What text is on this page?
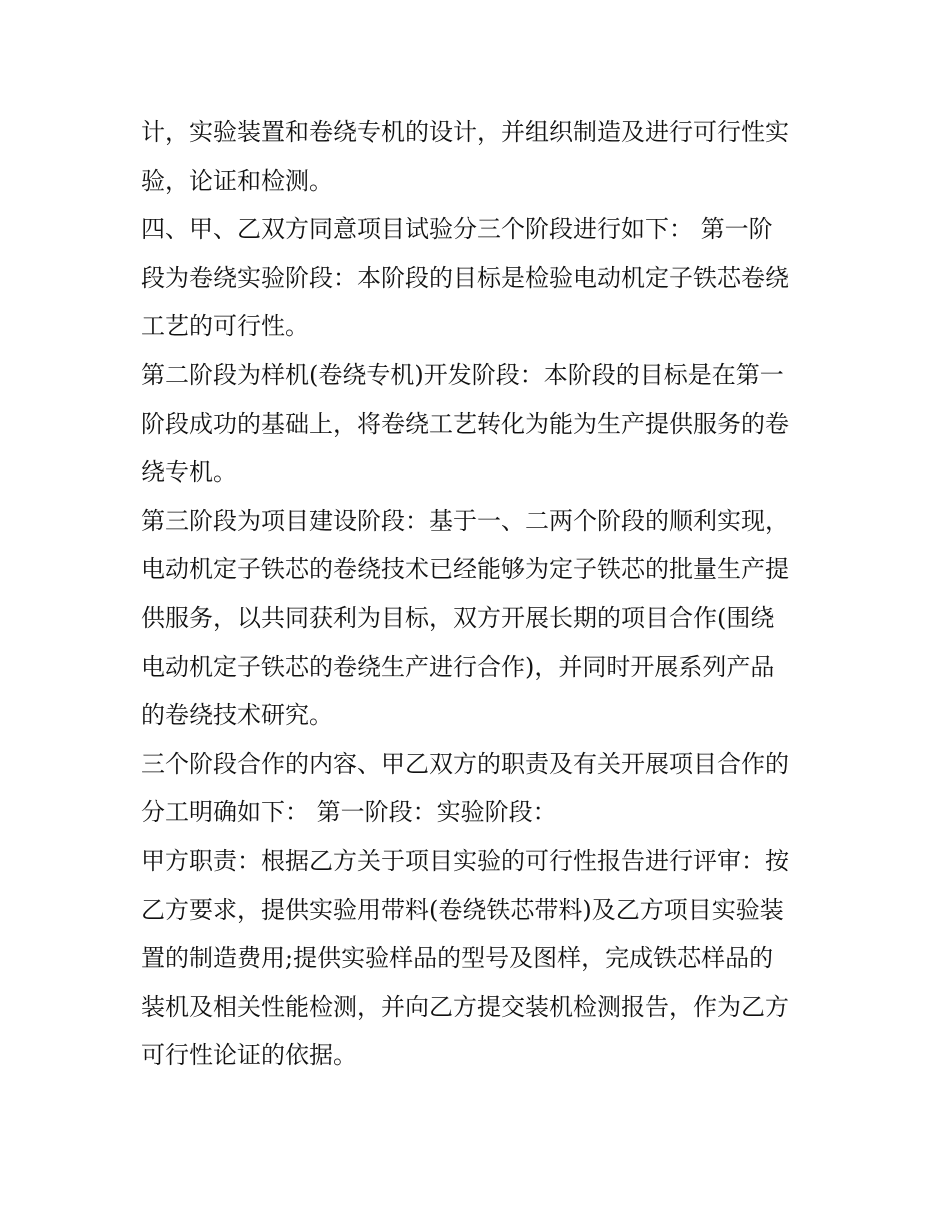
计，实验装置和卷绕专机的设计，并组织制造及进行可行性实
验，论证和检测。
四、甲、乙双方同意项目试验分三个阶段进行如下： 第一阶
段为卷绕实验阶段：本阶段的目标是检验电动机定子铁芯卷绕
工艺的可行性。
第二阶段为样机(卷绕专机)开发阶段：本阶段的目标是在第一
阶段成功的基础上，将卷绕工艺转化为能为生产提供服务的卷
绕专机。
第三阶段为项目建设阶段：基于一、二两个阶段的顺利实现，
电动机定子铁芯的卷绕技术已经能够为定子铁芯的批量生产提
供服务，以共同获利为目标，双方开展长期的项目合作(围绕
电动机定子铁芯的卷绕生产进行合作)，并同时开展系列产品
的卷绕技术研究。
三个阶段合作的内容、甲乙双方的职责及有关开展项目合作的
分工明确如下： 第一阶段：实验阶段：
甲方职责：根据乙方关于项目实验的可行性报告进行评审：按
乙方要求，提供实验用带料(卷绕铁芯带料)及乙方项目实验装
置的制造费用;提供实验样品的型号及图样，完成铁芯样品的
装机及相关性能检测，并向乙方提交装机检测报告，作为乙方
可行性论证的依据。
